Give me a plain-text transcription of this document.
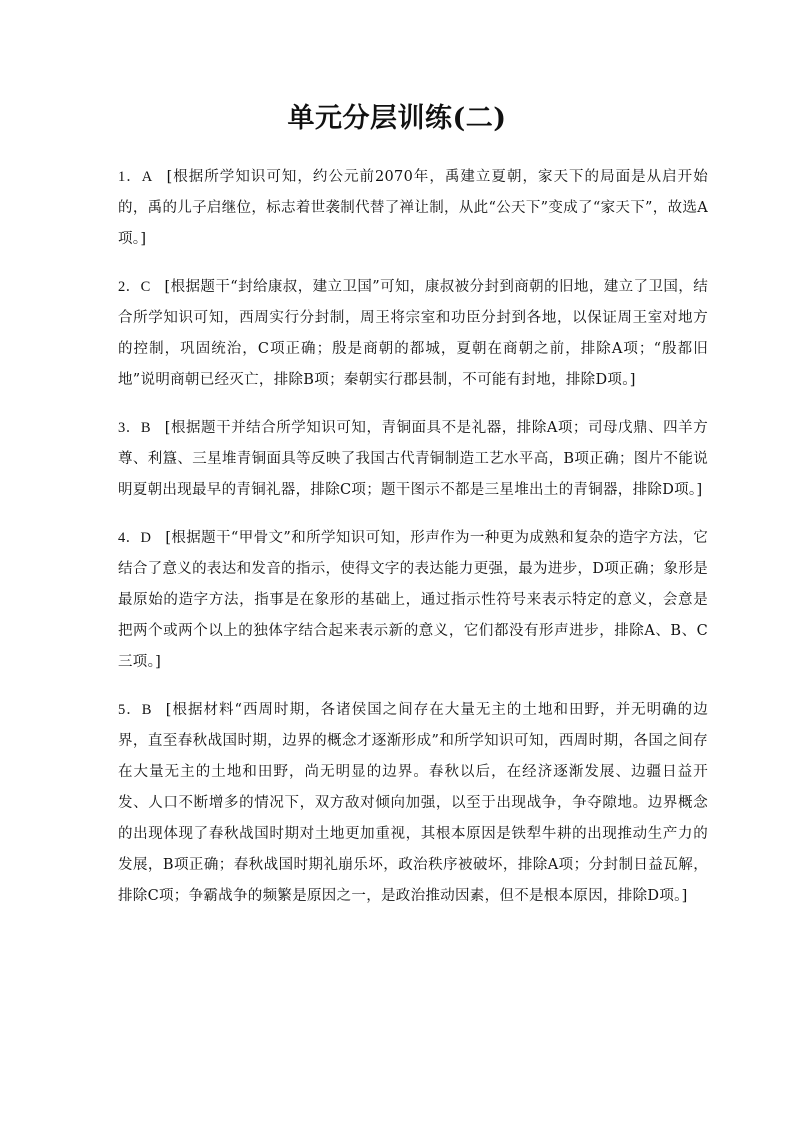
单元分层训练(二)

1．A [根据所学知识可知，约公元前2070年，禹建立夏朝，家天下的局面是从启开始的，禹的儿子启继位，标志着世袭制代替了禅让制，从此“公天下”变成了“家天下”，故选A项。]

2．C [根据题干“封给康叔，建立卫国”可知，康叔被分封到商朝的旧地，建立了卫国，结合所学知识可知，西周实行分封制，周王将宗室和功臣分封到各地，以保证周王室对地方的控制，巩固统治，C项正确；殷是商朝的都城，夏朝在商朝之前，排除A项；“殷都旧地”说明商朝已经灭亡，排除B项；秦朝实行郡县制，不可能有封地，排除D项。]

3．B [根据题干并结合所学知识可知，青铜面具不是礼器，排除A项；司母戊鼎、四羊方尊、利簋、三星堆青铜面具等反映了我国古代青铜制造工艺水平高，B项正确；图片不能说明夏朝出现最早的青铜礼器，排除C项；题干图示不都是三星堆出土的青铜器，排除D项。]

4．D [根据题干“甲骨文”和所学知识可知，形声作为一种更为成熟和复杂的造字方法，它结合了意义的表达和发音的指示，使得文字的表达能力更强，最为进步，D项正确；象形是最原始的造字方法，指事是在象形的基础上，通过指示性符号来表示特定的意义，会意是把两个或两个以上的独体字结合起来表示新的意义，它们都没有形声进步，排除A、B、C三项。]

5．B [根据材料“西周时期，各诸侯国之间存在大量无主的土地和田野，并无明确的边界，直至春秋战国时期，边界的概念才逐渐形成”和所学知识可知，西周时期，各国之间存在大量无主的土地和田野，尚无明显的边界。春秋以后，在经济逐渐发展、边疆日益开发、人口不断增多的情况下，双方敌对倾向加强，以至于出现战争，争夺隙地。边界概念的出现体现了春秋战国时期对土地更加重视，其根本原因是铁犁牛耕的出现推动生产力的发展，B项正确；春秋战国时期礼崩乐坏，政治秩序被破坏，排除A项；分封制日益瓦解，排除C项；争霸战争的频繁是原因之一，是政治推动因素，但不是根本原因，排除D项。]
